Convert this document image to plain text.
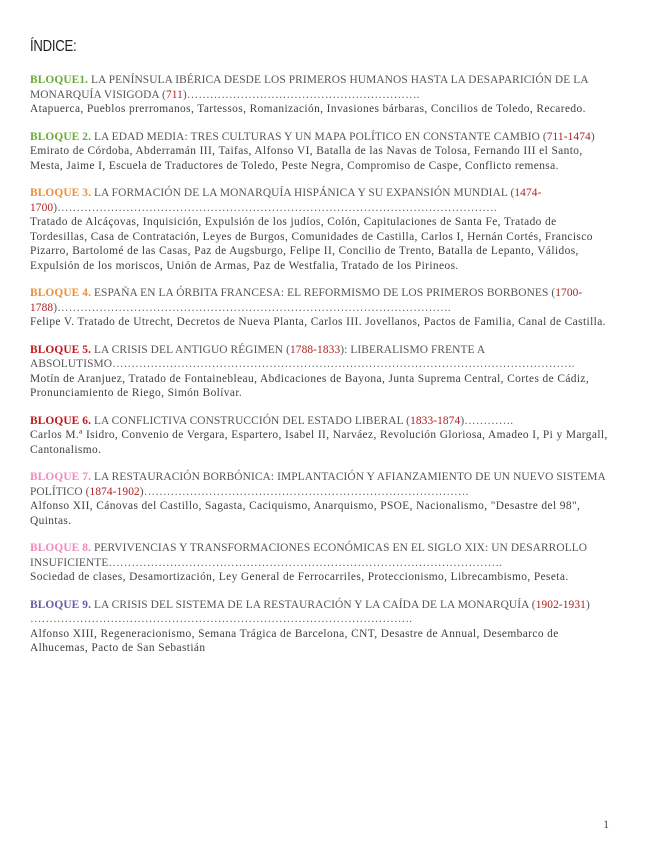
ÍNDICE:
BLOQUE1. LA PENÍNSULA IBÉRICA DESDE LOS PRIMEROS HUMANOS HASTA LA DESAPARICIÓN DE LA MONARQUÍA VISIGODA (711)…………………………………………………….
Atapuerca, Pueblos prerromanos, Tartessos, Romanización, Invasiones bárbaras, Concilios de Toledo, Recaredo.
BLOQUE 2. LA EDAD MEDIA: TRES CULTURAS Y UN MAPA POLÍTICO EN CONSTANTE CAMBIO (711-1474)
Emirato de Córdoba, Abderramán III, Taifas, Alfonso VI, Batalla de las Navas de Tolosa, Fernando III el Santo, Mesta, Jaime I, Escuela de Traductores de Toledo, Peste Negra, Compromiso de Caspe, Conflicto remensa.
BLOQUE 3. LA FORMACIÓN DE LA MONARQUÍA HISPÁNICA Y SU EXPANSIÓN MUNDIAL (1474-1700)…………………………………………………………………………………………………….
Tratado de Alcáçovas, Inquisición, Expulsión de los judíos, Colón, Capitulaciones de Santa Fe, Tratado de Tordesillas, Casa de Contratación, Leyes de Burgos, Comunidades de Castilla, Carlos I, Hernán Cortés, Francisco Pizarro, Bartolomé de las Casas, Paz de Augsburgo, Felipe II, Concilio de Trento, Batalla de Lepanto, Válidos, Expulsión de los moriscos, Unión de Armas, Paz de Westfalia, Tratado de los Pirineos.
BLOQUE 4. ESPAÑA EN LA ÓRBITA FRANCESA: EL REFORMISMO DE LOS PRIMEROS BORBONES (1700-1788)………………………………………………………………………………………….
Felipe V. Tratado de Utrecht, Decretos de Nueva Planta, Carlos III. Jovellanos, Pactos de Familia, Canal de Castilla.
BLOQUE 5. LA CRISIS DEL ANTIGUO RÉGIMEN (1788-1833): LIBERALISMO FRENTE A ABSOLUTISMO………………………………………………………………………………………………………….
Motín de Aranjuez, Tratado de Fontainebleau, Abdicaciones de Bayona, Junta Suprema Central, Cortes de Cádiz, Pronunciamiento de Riego, Simón Bolívar.
BLOQUE 6. LA CONFLICTIVA CONSTRUCCIÓN DEL ESTADO LIBERAL (1833-1874)………….
Carlos M.ª Isidro, Convenio de Vergara, Espartero, Isabel II, Narváez, Revolución Gloriosa, Amadeo I, Pi y Margall, Cantonalismo.
BLOQUE 7. LA RESTAURACIÓN BORBÓNICA: IMPLANTACIÓN Y AFIANZAMIENTO DE UN NUEVO SISTEMA POLÍTICO (1874-1902)………………………………………………………………………….
Alfonso XII, Cánovas del Castillo, Sagasta, Caciquismo, Anarquismo, PSOE, Nacionalismo, "Desastre del 98", Quintas.
BLOQUE 8. PERVIVENCIAS Y TRANSFORMACIONES ECONÓMICAS EN EL SIGLO XIX: UN DESARROLLO INSUFICIENTE………………………………………………………………………………………….
Sociedad de clases, Desamortización, Ley General de Ferrocarriles, Proteccionismo, Librecambismo, Peseta.
BLOQUE 9. LA CRISIS DEL SISTEMA DE LA RESTAURACIÓN Y LA CAÍDA DE LA MONARQUÍA (1902-1931) ……………………………………………………………………………………….
Alfonso XIII, Regeneracionismo, Semana Trágica de Barcelona, CNT, Desastre de Annual, Desembarco de Alhucemas, Pacto de San Sebastián
1
